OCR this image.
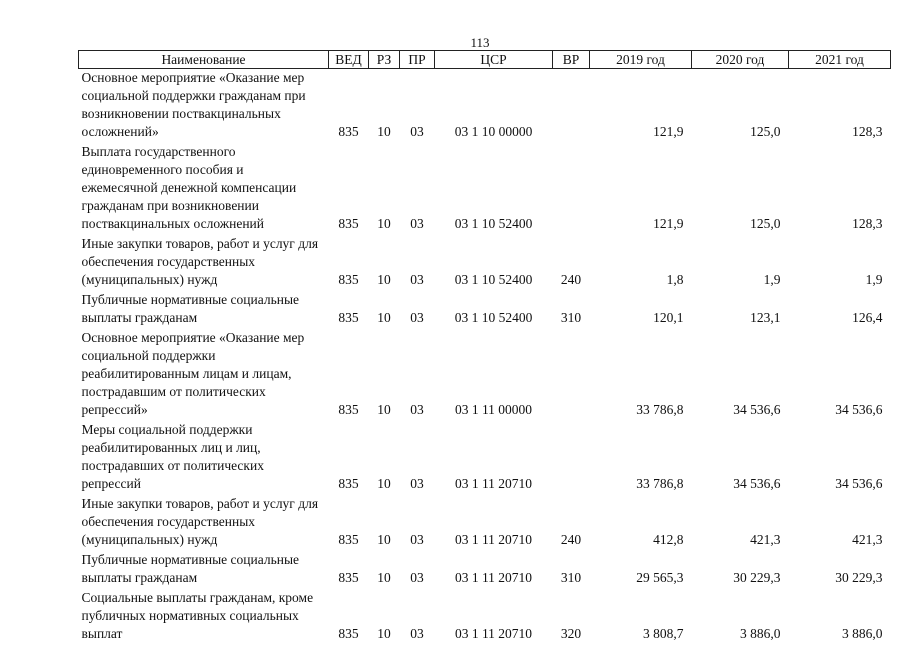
113
Наименование	ВЕД	РЗ	ПР	ЦСР	ВР	2019 год	2020 год	2021 год
Основное мероприятие «Оказание мер социальной поддержки гражданам при возникновении поствакцинальных осложнений»	835	10	03	03 1 10 00000		121,9	125,0	128,3
Выплата государственного единовременного пособия и ежемесячной денежной компенсации гражданам при возникновении поствакцинальных осложнений	835	10	03	03 1 10 52400		121,9	125,0	128,3
Иные закупки товаров, работ и услуг для обеспечения государственных (муниципальных) нужд	835	10	03	03 1 10 52400	240	1,8	1,9	1,9
Публичные нормативные социальные выплаты гражданам	835	10	03	03 1 10 52400	310	120,1	123,1	126,4
Основное мероприятие «Оказание мер социальной поддержки реабилитированным лицам и лицам, пострадавшим от политических репрессий»	835	10	03	03 1 11 00000		33 786,8	34 536,6	34 536,6
Меры социальной поддержки реабилитированных лиц и лиц, пострадавших от политических репрессий	835	10	03	03 1 11 20710		33 786,8	34 536,6	34 536,6
Иные закупки товаров, работ и услуг для обеспечения государственных (муниципальных) нужд	835	10	03	03 1 11 20710	240	412,8	421,3	421,3
Публичные нормативные социальные выплаты гражданам	835	10	03	03 1 11 20710	310	29 565,3	30 229,3	30 229,3
Социальные выплаты гражданам, кроме публичных нормативных социальных выплат	835	10	03	03 1 11 20710	320	3 808,7	3 886,0	3 886,0
